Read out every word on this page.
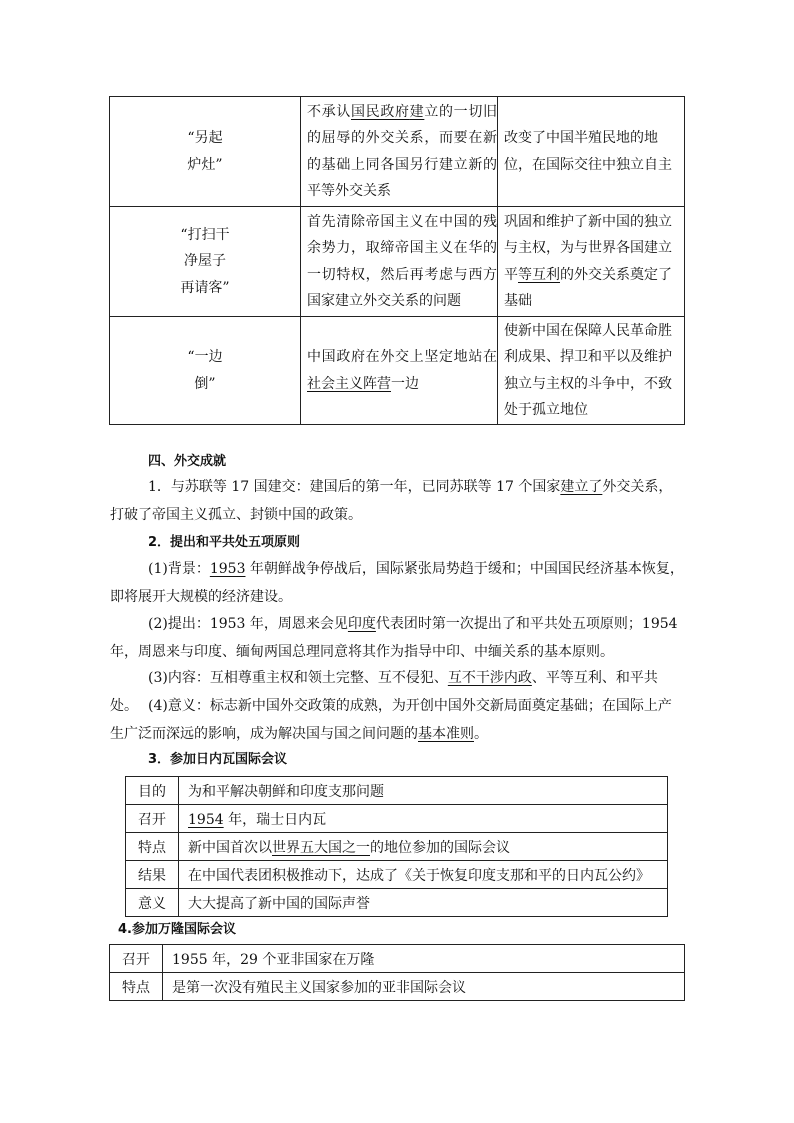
“另起
炉灶”	不承认国民政府建立的一切旧的屈辱的外交关系，而要在新的基础上同各国另行建立新的平等外交关系	改变了中国半殖民地的地位，在国际交往中独立自主
“打扫干
净屋子
再请客”	首先清除帝国主义在中国的残余势力，取缔帝国主义在华的一切特权，然后再考虑与西方国家建立外交关系的问题	巩固和维护了新中国的独立与主权，为与世界各国建立平等互利的外交关系奠定了基础
“一边
倒”	中国政府在外交上坚定地站在社会主义阵营一边	使新中国在保障人民革命胜利成果、捍卫和平以及维护独立与主权的斗争中，不致处于孤立地位
四、外交成就
1．与苏联等 17 国建交：建国后的第一年，已同苏联等 17 个国家建立了外交关系，打破了帝国主义孤立、封锁中国的政策。
2．提出和平共处五项原则
(1)背景：1953 年朝鲜战争停战后，国际紧张局势趋于缓和；中国国民经济基本恢复，即将展开大规模的经济建设。
(2)提出：1953 年，周恩来会见印度代表团时第一次提出了和平共处五项原则；1954 年，周恩来与印度、缅甸两国总理同意将其作为指导中印、中缅关系的基本原则。
(3)内容：互相尊重主权和领土完整、互不侵犯、互不干涉内政、平等互利、和平共处。 (4)意义：标志新中国外交政策的成熟，为开创中国外交新局面奠定基础；在国际上产生广泛而深远的影响，成为解决国与国之间问题的基本准则。
3．参加日内瓦国际会议
目的	为和平解决朝鲜和印度支那问题
召开	1954 年，瑞士日内瓦
特点	新中国首次以世界五大国之一的地位参加的国际会议
结果	在中国代表团积极推动下，达成了《关于恢复印度支那和平的日内瓦公约》
意义	大大提高了新中国的国际声誉
4.参加万隆国际会议
召开	1955 年，29 个亚非国家在万隆
特点	是第一次没有殖民主义国家参加的亚非国际会议
